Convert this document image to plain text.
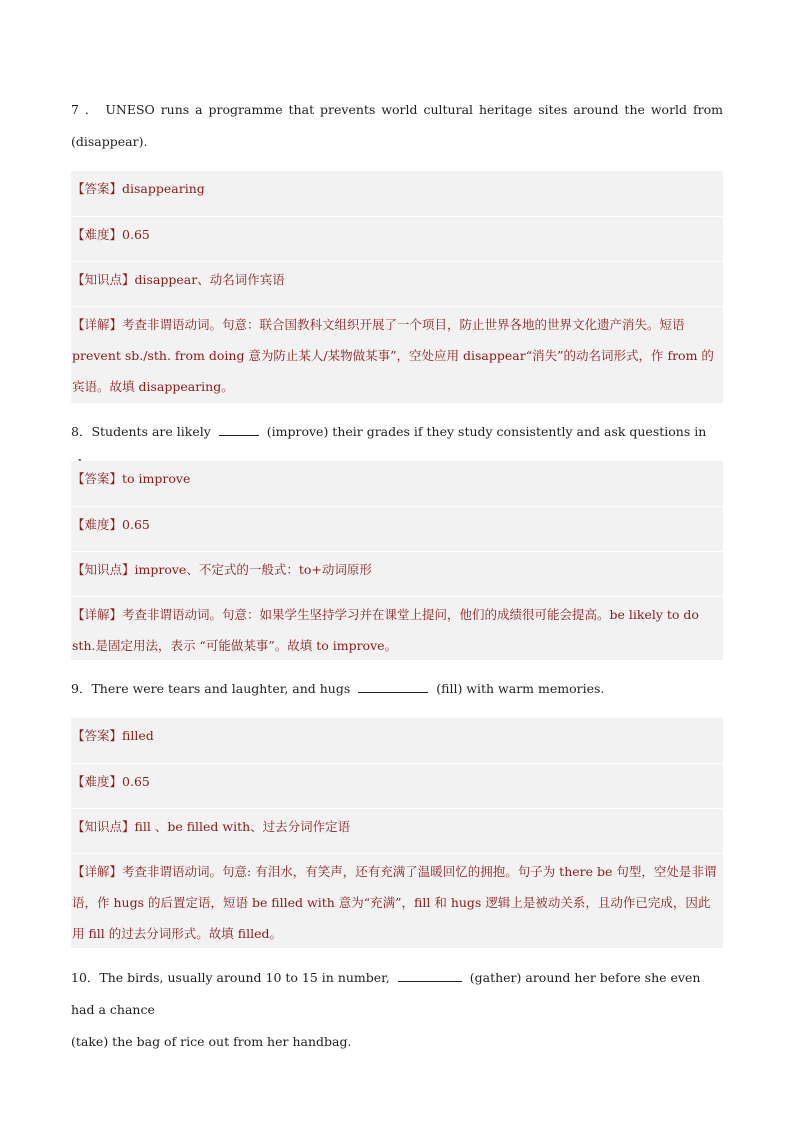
7 ． UNESO runs a programme that prevents world cultural heritage sites around the world from
(disappear).
【答案】disappearing
【难度】0.65
【知识点】disappear、动名词作宾语
【详解】考查非谓语动词。句意：联合国教科文组织开展了一个项目，防止世界各地的世界文化遗产消失。短语 prevent sb./sth. from doing 意为防止某人/某物做某事”，空处应用 disappear“消失”的动名词形式，作 from 的宾语。故填 disappearing。
8．Students are likely	(improve) their grades if they study consistently and ask questions in
【答案】to improve
【难度】0.65
【知识点】improve、不定式的一般式：to+动词原形
【详解】考查非谓语动词。句意：如果学生坚持学习并在课堂上提问，他们的成绩很可能会提高。be likely to do sth.是固定用法，表示 “可能做某事”。故填 to improve。
9．There were tears and laughter, and hugs	(fill) with warm memories.
【答案】filled
【难度】0.65
【知识点】fill 、be filled with、过去分词作定语
【详解】考查非谓语动词。句意: 有泪水，有笑声，还有充满了温暖回忆的拥抱。句子为 there be 句型，空处是非谓语，作 hugs 的后置定语，短语 be filled with 意为“充满”，fill 和 hugs 逻辑上是被动关系，且动作已完成，因此用 fill 的过去分词形式。故填 filled。
10．The birds, usually around 10 to 15 in number,	(gather) around her before she even had a chance
(take) the bag of rice out from her handbag.
